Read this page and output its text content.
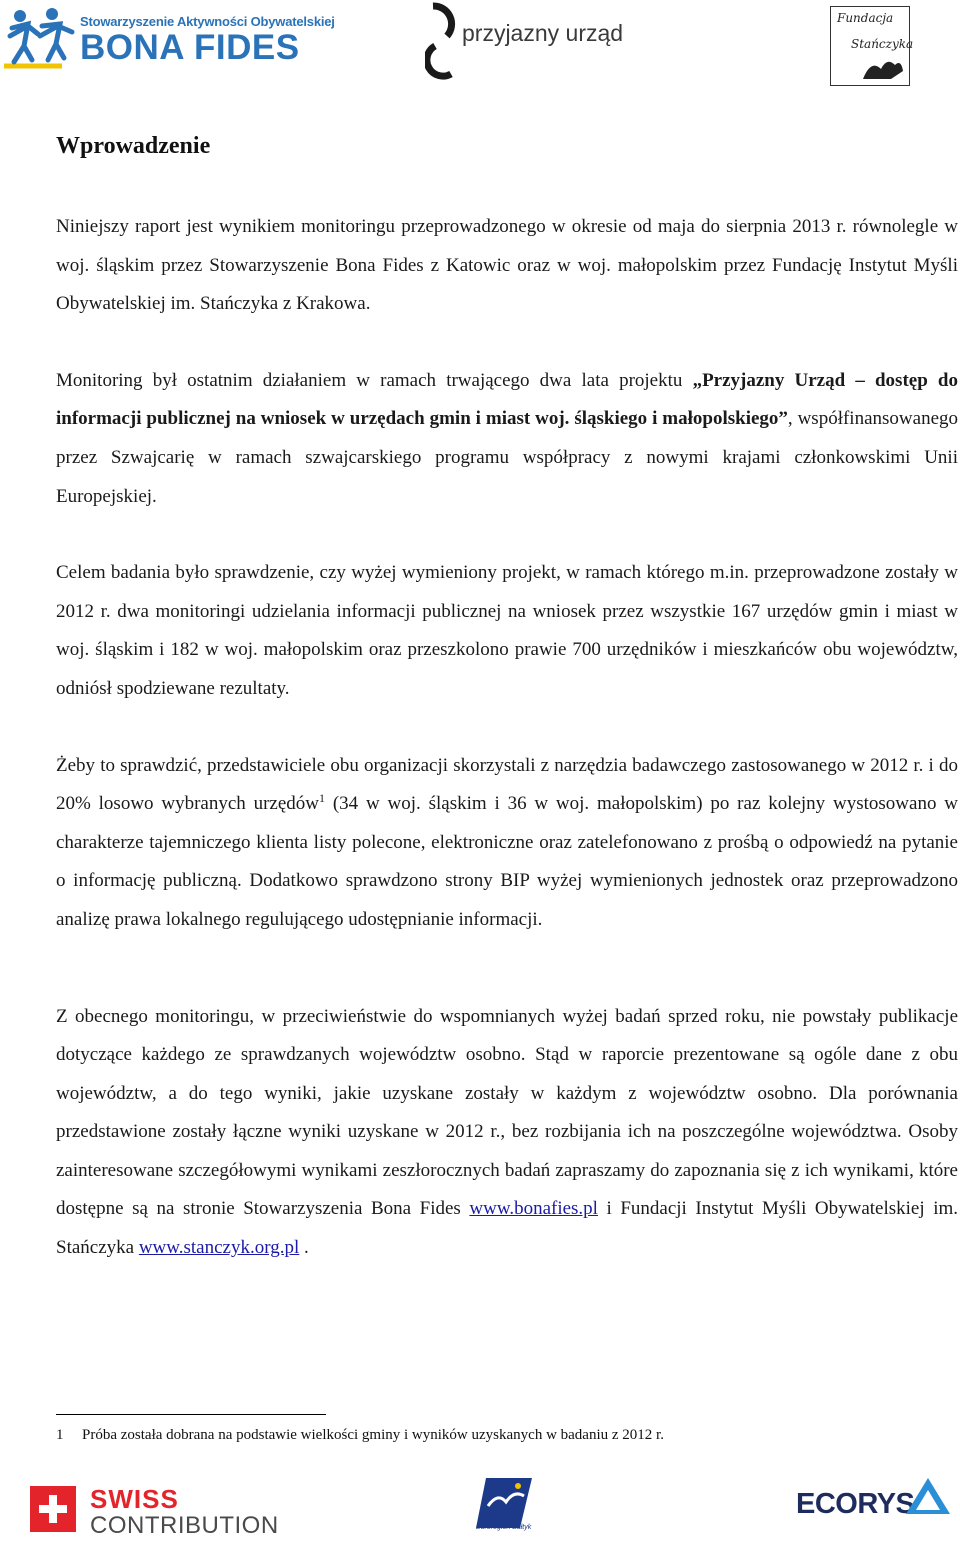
Stowarzyszenie Aktywności Obywatelskiej
BONA FIDES	przyjazny urząd
Fundacja
Stańczyka
Wprowadzenie

Niniejszy raport jest wynikiem monitoringu przeprowadzonego w okresie od maja do sierpnia 2013 r. równolegle w woj. śląskim przez Stowarzyszenie Bona Fides z Katowic oraz w woj. małopolskim przez Fundację Instytut Myśli Obywatelskiej im. Stańczyka z Krakowa.

Monitoring był ostatnim działaniem w ramach trwającego dwa lata projektu „Przyjazny Urząd – dostęp do informacji publicznej na wniosek w urzędach gmin i miast woj. śląskiego i małopolskiego”, współfinansowanego przez Szwajcarię w ramach szwajcarskiego programu współpracy z nowymi krajami członkowskimi Unii Europejskiej.

Celem badania było sprawdzenie, czy wyżej wymieniony projekt, w ramach którego m.in. przeprowadzone zostały w 2012 r. dwa monitoringi udzielania informacji publicznej na wniosek przez wszystkie 167 urzędów gmin i miast w woj. śląskim i 182 w woj. małopolskim oraz przeszkolono prawie 700 urzędników i mieszkańców obu województw, odniósł spodziewane rezultaty.

Żeby to sprawdzić, przedstawiciele obu organizacji skorzystali z narzędzia badawczego zastosowanego w 2012 r. i do 20% losowo wybranych urzędów$^1$ (34 w woj. śląskim i 36 w woj. małopolskim) po raz kolejny wystosowano w charakterze tajemniczego klienta listy polecone, elektroniczne oraz zatelefonowano z prośbą o odpowiedź na pytanie o informację publiczną. Dodatkowo sprawdzono strony BIP wyżej wymienionych jednostek oraz przeprowadzono analizę prawa lokalnego regulującego udostępnianie informacji.

Z obecnego monitoringu, w przeciwieństwie do wspomnianych wyżej badań sprzed roku, nie powstały publikacje dotyczące każdego ze sprawdzanych województw osobno. Stąd w raporcie prezentowane są ogóle dane z obu województw, a do tego wyniki, jakie uzyskane zostały w każdym z województw osobno. Dla porównania przedstawione zostały łączne wyniki uzyskane w 2012 r., bez rozbijania ich na poszczególne województwa. Osoby zainteresowane szczegółowymi wynikami zeszłorocznych badań zapraszamy do zapoznania się z ich wynikami, które dostępne są na stronie Stowarzyszenia Bona Fides www.bonafies.pl i Fundacji Instytut Myśli Obywatelskiej im. Stańczyka www.stanczyk.org.pl .

1 Próba została dobrana na podstawie wielkości gminy i wyników uzyskanych w badaniu z 2012 r.
SWISS
CONTRIBUTION	Euroregion Bałtyk
ECORYS
